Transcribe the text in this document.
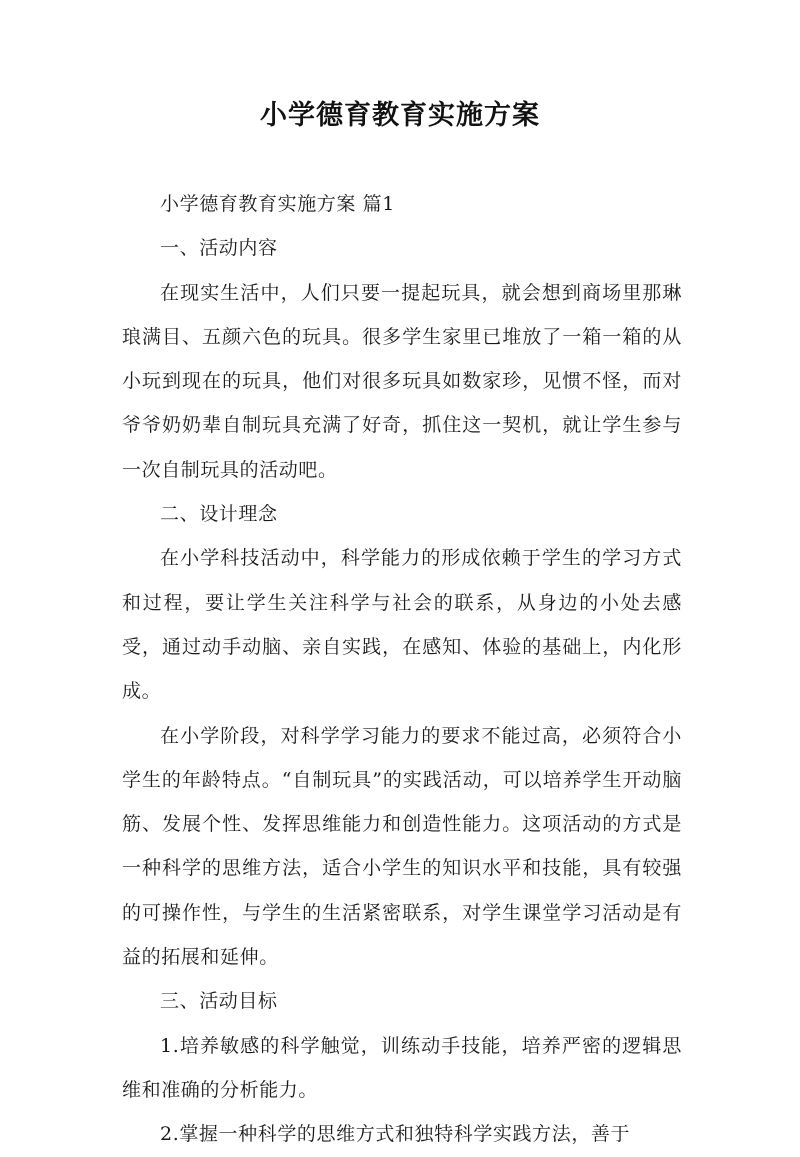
小学德育教育实施方案

小学德育教育实施方案 篇1

一、活动内容

在现实生活中，人们只要一提起玩具，就会想到商场里那琳琅满目、五颜六色的玩具。很多学生家里已堆放了一箱一箱的从小玩到现在的玩具，他们对很多玩具如数家珍，见惯不怪，而对爷爷奶奶辈自制玩具充满了好奇，抓住这一契机，就让学生参与一次自制玩具的活动吧。

二、设计理念

在小学科技活动中，科学能力的形成依赖于学生的学习方式和过程，要让学生关注科学与社会的联系，从身边的小处去感受，通过动手动脑、亲自实践，在感知、体验的基础上，内化形成。

在小学阶段，对科学学习能力的要求不能过高，必须符合小学生的年龄特点。“自制玩具”的实践活动，可以培养学生开动脑筋、发展个性、发挥思维能力和创造性能力。这项活动的方式是一种科学的思维方法，适合小学生的知识水平和技能，具有较强的可操作性，与学生的生活紧密联系，对学生课堂学习活动是有益的拓展和延伸。

三、活动目标

1.培养敏感的科学触觉，训练动手技能，培养严密的逻辑思维和准确的分析能力。

2.掌握一种科学的思维方式和独特科学实践方法，善于
